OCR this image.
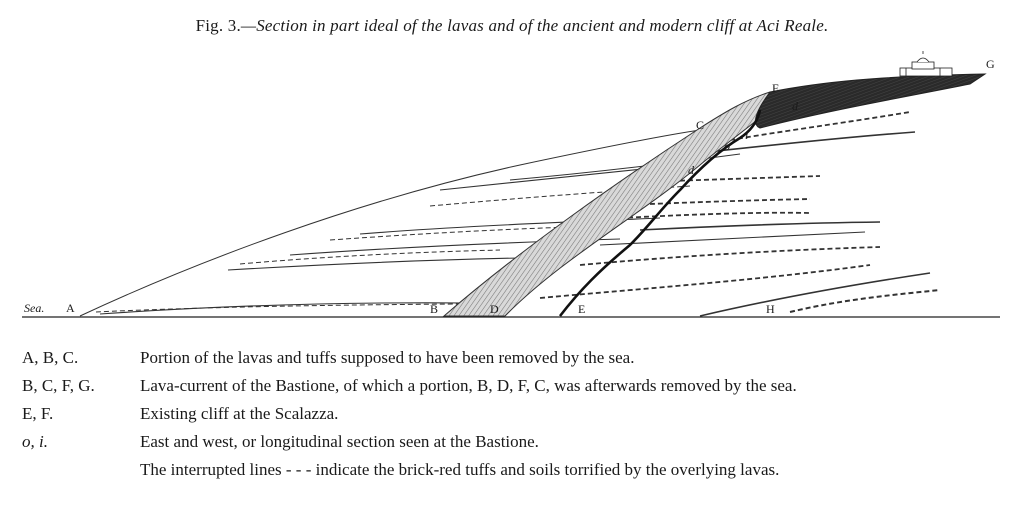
Fig. 3.—Section in part ideal of the lavas and of the ancient and modern cliff at Aci Reale.
Sea. A	B	D	E	H
C
F
G
d
d
o
i
A, B, C.	Portion of the lavas and tuffs supposed to have been removed by the sea.
B, C, F, G.	Lava-current of the Bastione, of which a portion, B, D, F, C, was afterwards removed by the sea.
E, F.	Existing cliff at the Scalazza.
o, i.	East and west, or longitudinal section seen at the Bastione.
The interrupted lines - - - indicate the brick-red tuffs and soils torrified by the overlying lavas.
